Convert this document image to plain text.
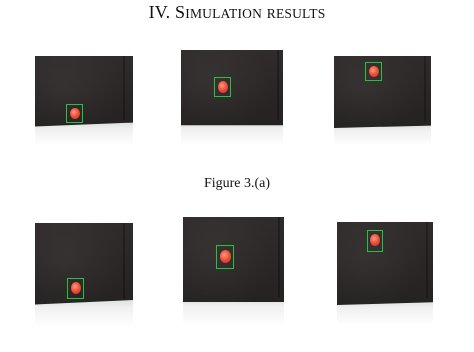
IV. SIMULATION RESULTS
Figure 3.(a)
